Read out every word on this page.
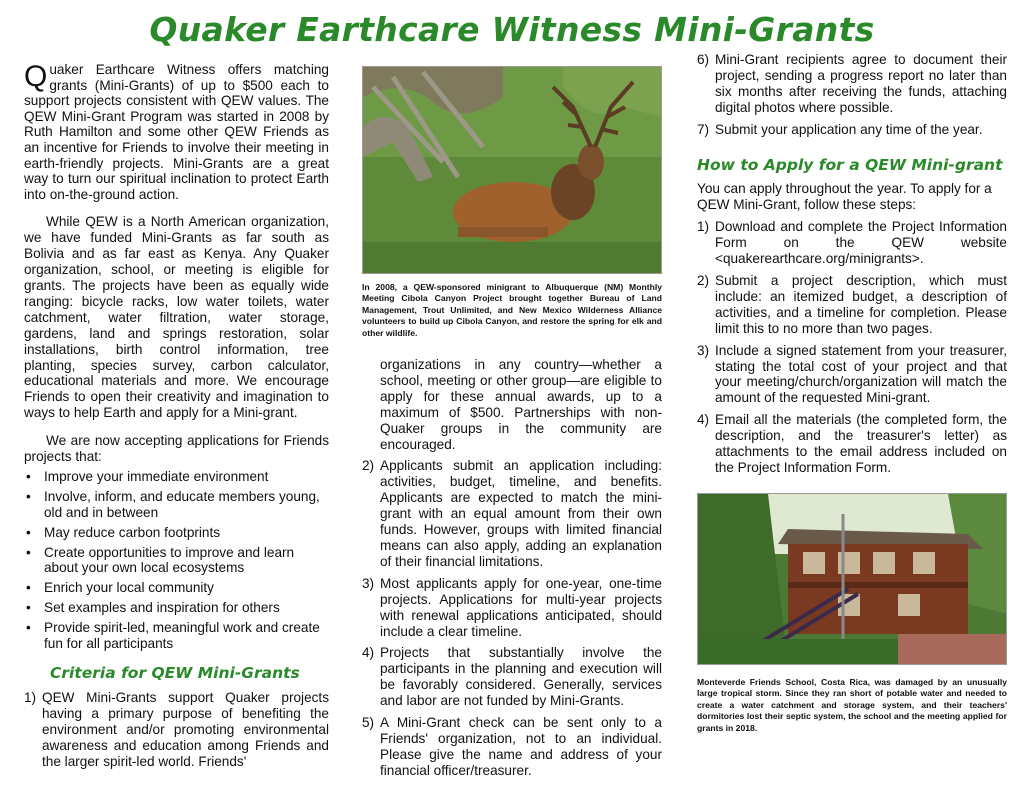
Quaker Earthcare Witness Mini-Grants

Quaker Earthcare Witness offers matching grants (Mini-Grants) of up to $500 each to support projects consistent with QEW values. The QEW Mini-Grant Program was started in 2008 by Ruth Hamilton and some other QEW Friends as an incentive for Friends to involve their meeting in earth-friendly projects. Mini-Grants are a great way to turn our spiritual inclination to protect Earth into on-the-ground action.

While QEW is a North American organization, we have funded Mini-Grants as far south as Bolivia and as far east as Kenya. Any Quaker organization, school, or meeting is eligible for grants. The projects have been as equally wide ranging: bicycle racks, low water toilets, water catchment, water filtration, water storage, gardens, land and springs restoration, solar installations, birth control information, tree planting, species survey, carbon calculator, educational materials and more. We encourage Friends to open their creativity and imagination to ways to help Earth and apply for a Mini-grant.

We are now accepting applications for Friends projects that:

• Improve your immediate environment
• Involve, inform, and educate members young, old and in between
• May reduce carbon footprints
• Create opportunities to improve and learn about your own local ecosystems
• Enrich your local community
• Set examples and inspiration for others
• Provide spirit-led, meaningful work and create fun for all participants
Criteria for QEW Mini-Grants
1) QEW Mini-Grants support Quaker projects having a primary purpose of benefiting the environment and/or promoting environmental awareness and education among Friends and the larger spirit-led world. Friends'

In 2008, a QEW-sponsored minigrant to Albuquerque (NM) Monthly Meeting Cibola Canyon Project brought together Bureau of Land Management, Trout Unlimited, and New Mexico Wilderness Alliance volunteers to build up Cibola Canyon, and restore the spring for elk and other wildlife.

organizations in any country—whether a school, meeting or other group—are eligible to apply for these annual awards, up to a maximum of $500. Partnerships with non-Quaker groups in the community are encouraged.
2) Applicants submit an application including: activities, budget, timeline, and benefits. Applicants are expected to match the mini-grant with an equal amount from their own funds. However, groups with limited financial means can also apply, adding an explanation of their financial limitations.
3) Most applicants apply for one-year, one-time projects. Applications for multi-year projects with renewal applications anticipated, should include a clear timeline.
4) Projects that substantially involve the participants in the planning and execution will be favorably considered. Generally, services and labor are not funded by Mini-Grants.
5) A Mini-Grant check can be sent only to a Friends' organization, not to an individual. Please give the name and address of your financial officer/treasurer.
6) Mini-Grant recipients agree to document their project, sending a progress report no later than six months after receiving the funds, attaching digital photos where possible.
7) Submit your application any time of the year.
How to Apply for a QEW Mini-grant

You can apply throughout the year. To apply for a QEW Mini-Grant, follow these steps:

1) Download and complete the Project Information Form on the QEW website <quakerearthcare.org/minigrants>.
2) Submit a project description, which must include: an itemized budget, a description of activities, and a timeline for completion. Please limit this to no more than two pages.
3) Include a signed statement from your treasurer, stating the total cost of your project and that your meeting/church/organization will match the amount of the requested Mini-grant.
4) Email all the materials (the completed form, the description, and the treasurer's letter) as attachments to the email address included on the Project Information Form.

Monteverde Friends School, Costa Rica, was damaged by an unusually large tropical storm. Since they ran short of potable water and needed to create a water catchment and storage system, and their teachers' dormitories lost their septic system, the school and the meeting applied for grants in 2018.
